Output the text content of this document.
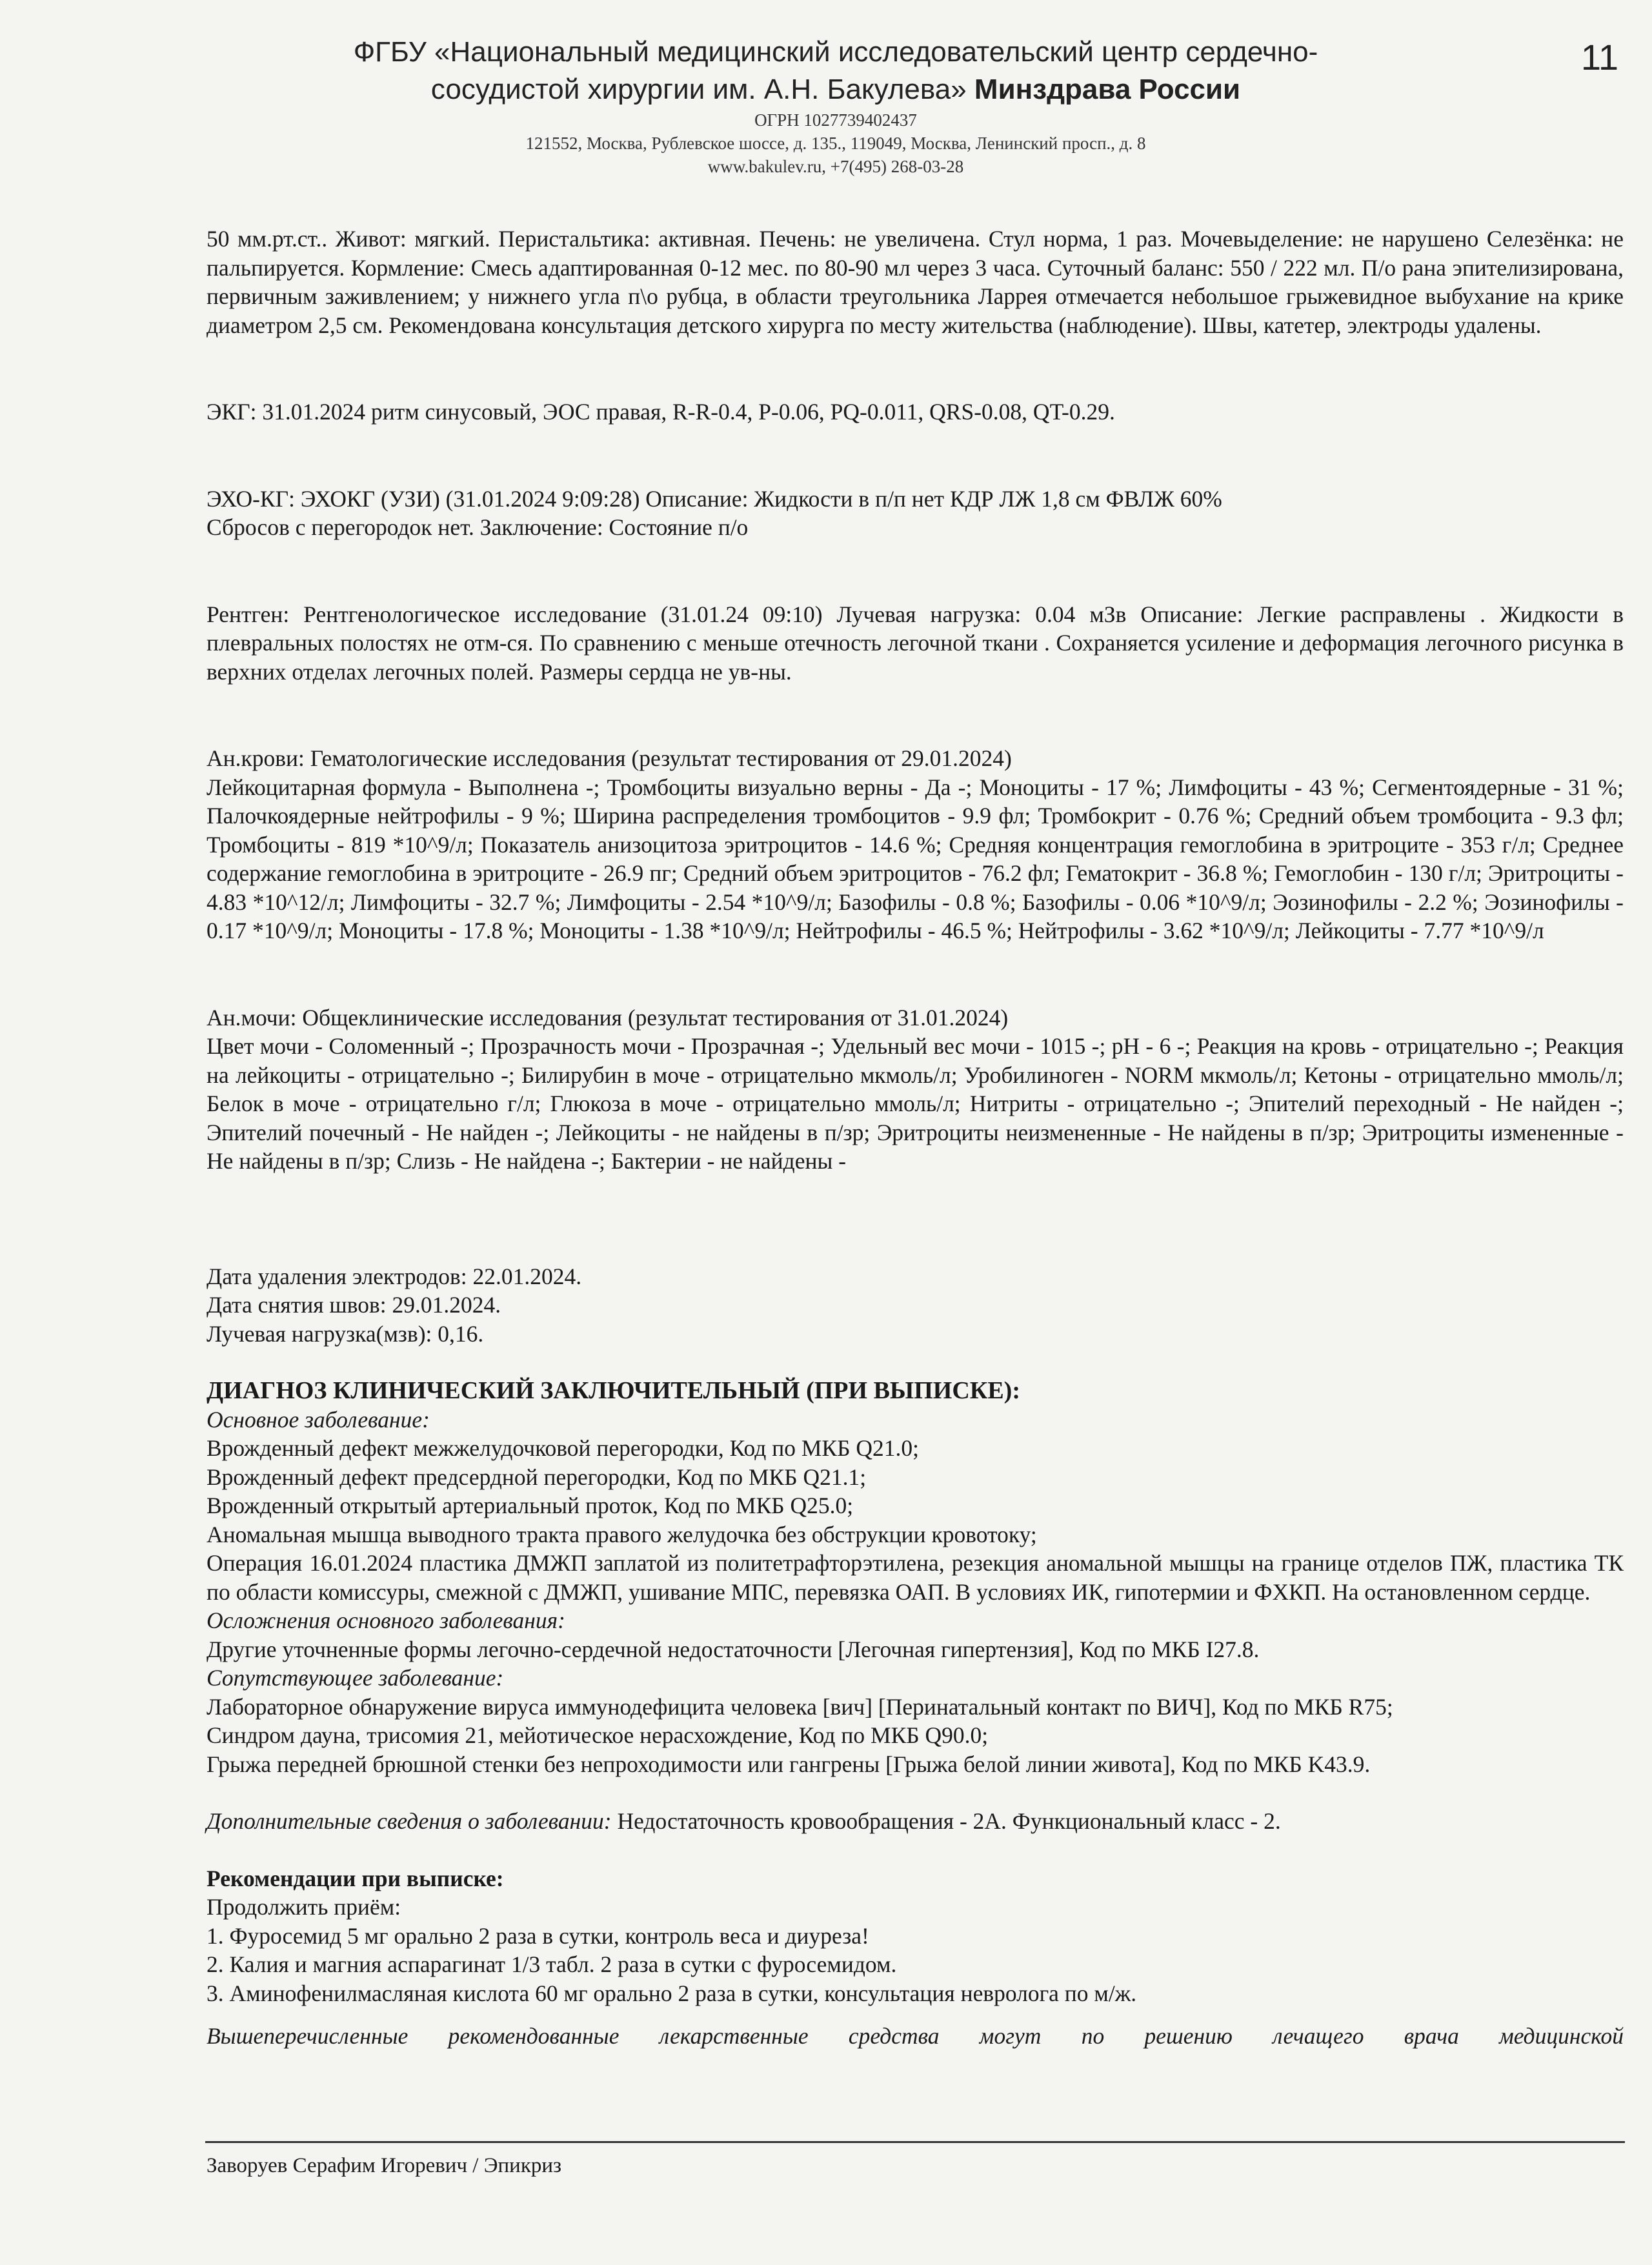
11
ФГБУ «Национальный медицинский исследовательский центр сердечно-
сосудистой хирургии им. А.Н. Бакулева» Минздрава России
ОГРН 1027739402437
121552, Москва, Рублевское шоссе, д. 135., 119049, Москва, Ленинский просп., д. 8
www.bakulev.ru, +7(495) 268-03-28

50 мм.рт.ст.. Живот: мягкий. Перистальтика: активная. Печень: не увеличена. Стул норма, 1 раз. Мочевыделение: не нарушено Селезёнка: не пальпируется. Кормление: Смесь адаптированная 0-12 мес. по 80-90 мл через 3 часа. Суточный баланс: 550 / 222 мл. П/о рана эпителизирована, первичным заживлением; у нижнего угла п\о рубца, в области треугольника Ларрея отмечается небольшое грыжевидное выбухание на крике диаметром 2,5 см. Рекомендована консультация детского хирурга по месту жительства (наблюдение). Швы, катетер, электроды удалены.

ЭКГ: 31.01.2024 ритм синусовый, ЭОС правая, R-R-0.4, P-0.06, PQ-0.011, QRS-0.08, QT-0.29.

ЭХО-КГ: ЭХОКГ (УЗИ) (31.01.2024 9:09:28) Описание: Жидкости в п/п нет КДР ЛЖ 1,8 см ФВЛЖ 60%

Сбросов с перегородок нет. Заключение: Состояние п/о

Рентген: Рентгенологическое исследование (31.01.24 09:10) Лучевая нагрузка: 0.04 мЗв Описание: Легкие расправлены . Жидкости в плевральных полостях не отм-ся. По сравнению с меньше отечность легочной ткани . Сохраняется усиление и деформация легочного рисунка в верхних отделах легочных полей. Размеры сердца не ув-ны.

Ан.крови: Гематологические исследования (результат тестирования от 29.01.2024)

Лейкоцитарная формула - Выполнена -; Тромбоциты визуально верны - Да -; Моноциты - 17 %; Лимфоциты - 43 %; Сегментоядерные - 31 %; Палочкоядерные нейтрофилы - 9 %; Ширина распределения тромбоцитов - 9.9 фл; Тромбокрит - 0.76 %; Средний объем тромбоцита - 9.3 фл; Тромбоциты - 819 *10^9/л; Показатель анизоцитоза эритроцитов - 14.6 %; Средняя концентрация гемоглобина в эритроците - 353 г/л; Среднее содержание гемоглобина в эритроците - 26.9 пг; Средний объем эритроцитов - 76.2 фл; Гематокрит - 36.8 %; Гемоглобин - 130 г/л; Эритроциты - 4.83 *10^12/л; Лимфоциты - 32.7 %; Лимфоциты - 2.54 *10^9/л; Базофилы - 0.8 %; Базофилы - 0.06 *10^9/л; Эозинофилы - 2.2 %; Эозинофилы - 0.17 *10^9/л; Моноциты - 17.8 %; Моноциты - 1.38 *10^9/л; Нейтрофилы - 46.5 %; Нейтрофилы - 3.62 *10^9/л; Лейкоциты - 7.77 *10^9/л

Ан.мочи: Общеклинические исследования (результат тестирования от 31.01.2024)

Цвет мочи - Соломенный -; Прозрачность мочи - Прозрачная -; Удельный вес мочи - 1015 -; pH - 6 -; Реакция на кровь - отрицательно -; Реакция на лейкоциты - отрицательно -; Билирубин в моче - отрицательно мкмоль/л; Уробилиноген - NORM мкмоль/л; Кетоны - отрицательно ммоль/л; Белок в моче - отрицательно г/л; Глюкоза в моче - отрицательно ммоль/л; Нитриты - отрицательно -; Эпителий переходный - Не найден -; Эпителий почечный - Не найден -; Лейкоциты - не найдены в п/зр; Эритроциты неизмененные - Не найдены в п/зр; Эритроциты измененные - Не найдены в п/зр; Слизь - Не найдена -; Бактерии - не найдены -

Дата удаления электродов: 22.01.2024.

Дата снятия швов: 29.01.2024.

Лучевая нагрузка(мзв): 0,16.

ДИАГНОЗ КЛИНИЧЕСКИЙ ЗАКЛЮЧИТЕЛЬНЫЙ (ПРИ ВЫПИСКЕ):

Основное заболевание:

Врожденный дефект межжелудочковой перегородки, Код по МКБ Q21.0;

Врожденный дефект предсердной перегородки, Код по МКБ Q21.1;

Врожденный открытый артериальный проток, Код по МКБ Q25.0;

Аномальная мышца выводного тракта правого желудочка без обструкции кровотоку;

Операция 16.01.2024 пластика ДМЖП заплатой из политетрафторэтилена, резекция аномальной мышцы на границе отделов ПЖ, пластика ТК по области комиссуры, смежной с ДМЖП, ушивание МПС, перевязка ОАП. В условиях ИК, гипотермии и ФХКП. На остановленном сердце.

Осложнения основного заболевания:

Другие уточненные формы легочно-сердечной недостаточности [Легочная гипертензия], Код по МКБ I27.8.

Сопутствующее заболевание:

Лабораторное обнаружение вируса иммунодефицита человека [вич] [Перинатальный контакт по ВИЧ], Код по МКБ R75;

Синдром дауна, трисомия 21, мейотическое нерасхождение, Код по МКБ Q90.0;

Грыжа передней брюшной стенки без непроходимости или гангрены [Грыжа белой линии живота], Код по МКБ K43.9.

Дополнительные сведения о заболевании: Недостаточность кровообращения - 2А. Функциональный класс - 2.

Рекомендации при выписке:

Продолжить приём:

1. Фуросемид 5 мг орально 2 раза в сутки, контроль веса и диуреза!

2. Калия и магния аспарагинат 1/3 табл. 2 раза в сутки с фуросемидом.

3. Аминофенилмасляная кислота 60 мг орально 2 раза в сутки, консультация невролога по м/ж.

Вышеперечисленные рекомендованные лекарственные средства могут по решению лечащего врача медицинской

Заворуев Серафим Игоревич / Эпикриз
